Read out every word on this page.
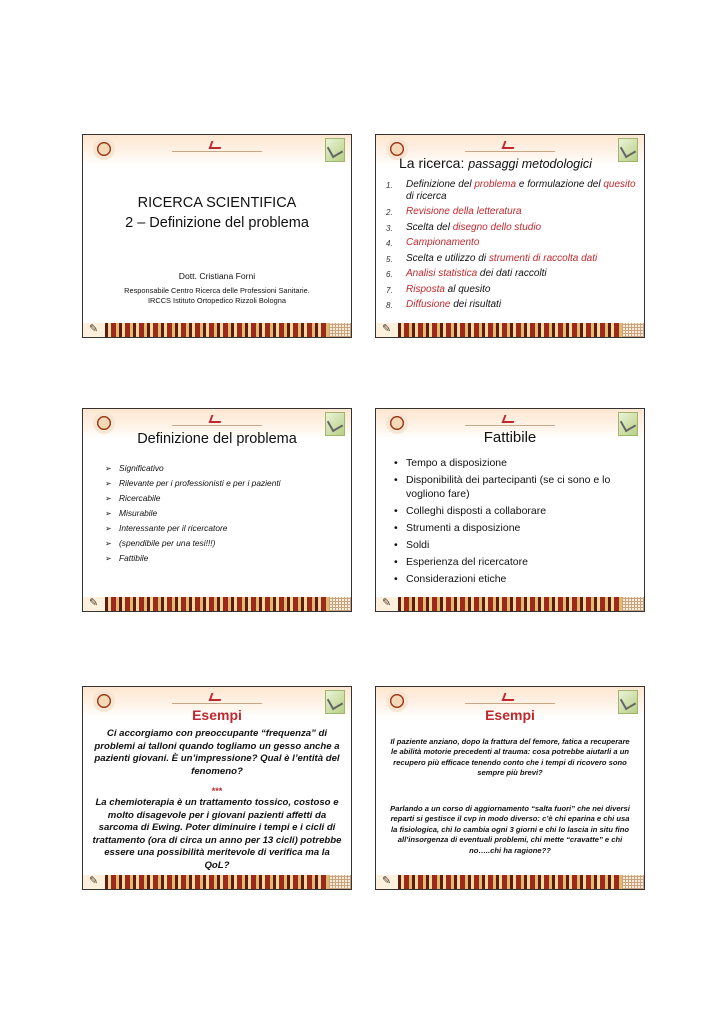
RICERCA SCIENTIFICA
2 – Definizione del problema
Dott. Cristiana Forni
Responsabile Centro Ricerca delle Professioni Sanitarie.
IRCCS Istituto Ortopedico Rizzoli Bologna
✎
La ricerca: passaggi metodologici
1. Definizione del problema e formulazione del quesito di ricerca
2. Revisione della letteratura
3. Scelta del disegno dello studio
4. Campionamento
5. Scelta e utilizzo di strumenti di raccolta dati
6. Analisi statistica dei dati raccolti
7. Risposta al quesito
8. Diffusione dei risultati
✎
Definizione del problema
➢ Significativo
➢ Rilevante per i professionisti e per i pazienti
➢ Ricercabile
➢ Misurabile
➢ Interessante per il ricercatore
➢ (spendibile per una tesi!!!)
➢ Fattibile
✎
Fattibile
• Tempo a disposizione
• Disponibilità dei partecipanti (se ci sono e lo vogliono fare)
• Colleghi disposti a collaborare
• Strumenti a disposizione
• Soldi
• Esperienza del ricercatore
• Considerazioni etiche
✎
Esempi
Ci accorgiamo con preoccupante “frequenza” di problemi ai talloni quando togliamo un gesso anche a pazienti giovani. È un’impressione? Qual è l’entità del fenomeno?
***
La chemioterapia è un trattamento tossico, costoso e molto disagevole per i giovani pazienti affetti da sarcoma di Ewing. Poter diminuire i tempi e i cicli di trattamento (ora di circa un anno per 13 cicli) potrebbe essere una possibilità meritevole di verifica ma la QoL?
✎
Esempi
Il paziente anziano, dopo la frattura del femore, fatica a recuperare le abilità motorie precedenti al trauma: cosa potrebbe aiutarli a un recupero più efficace tenendo conto che i tempi di ricovero sono sempre più brevi?
Parlando a un corso di aggiornamento “salta fuori” che nei diversi reparti si gestisce il cvp in modo diverso: c’è chi eparina e chi usa la fisiologica, chi lo cambia ogni 3 giorni e chi lo lascia in situ fino all’insorgenza di eventuali problemi, chi mette “cravatte” e chi no…..chi ha ragione??
✎
